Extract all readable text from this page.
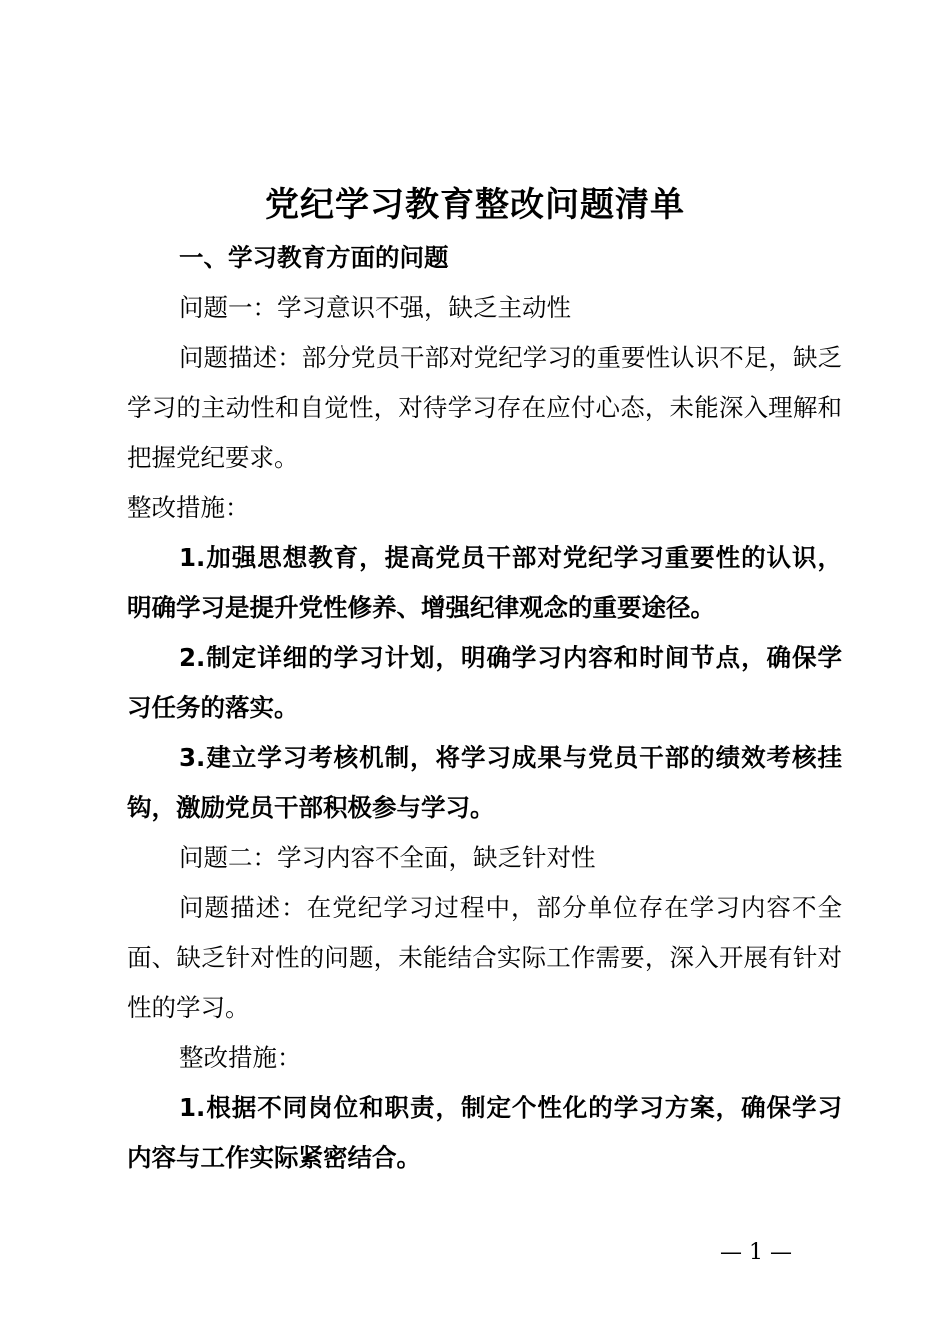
党纪学习教育整改问题清单

一、学习教育方面的问题

问题一：学习意识不强，缺乏主动性

问题描述：部分党员干部对党纪学习的重要性认识不足，缺乏学习的主动性和自觉性，对待学习存在应付心态，未能深入理解和把握党纪要求。

整改措施：

1.加强思想教育，提高党员干部对党纪学习重要性的认识，明确学习是提升党性修养、增强纪律观念的重要途径。

2.制定详细的学习计划，明确学习内容和时间节点，确保学习任务的落实。

3.建立学习考核机制，将学习成果与党员干部的绩效考核挂钩，激励党员干部积极参与学习。

问题二：学习内容不全面，缺乏针对性

问题描述：在党纪学习过程中，部分单位存在学习内容不全面、缺乏针对性的问题，未能结合实际工作需要，深入开展有针对性的学习。

整改措施：

1.根据不同岗位和职责，制定个性化的学习方案，确保学习内容与工作实际紧密结合。

— 1 —
